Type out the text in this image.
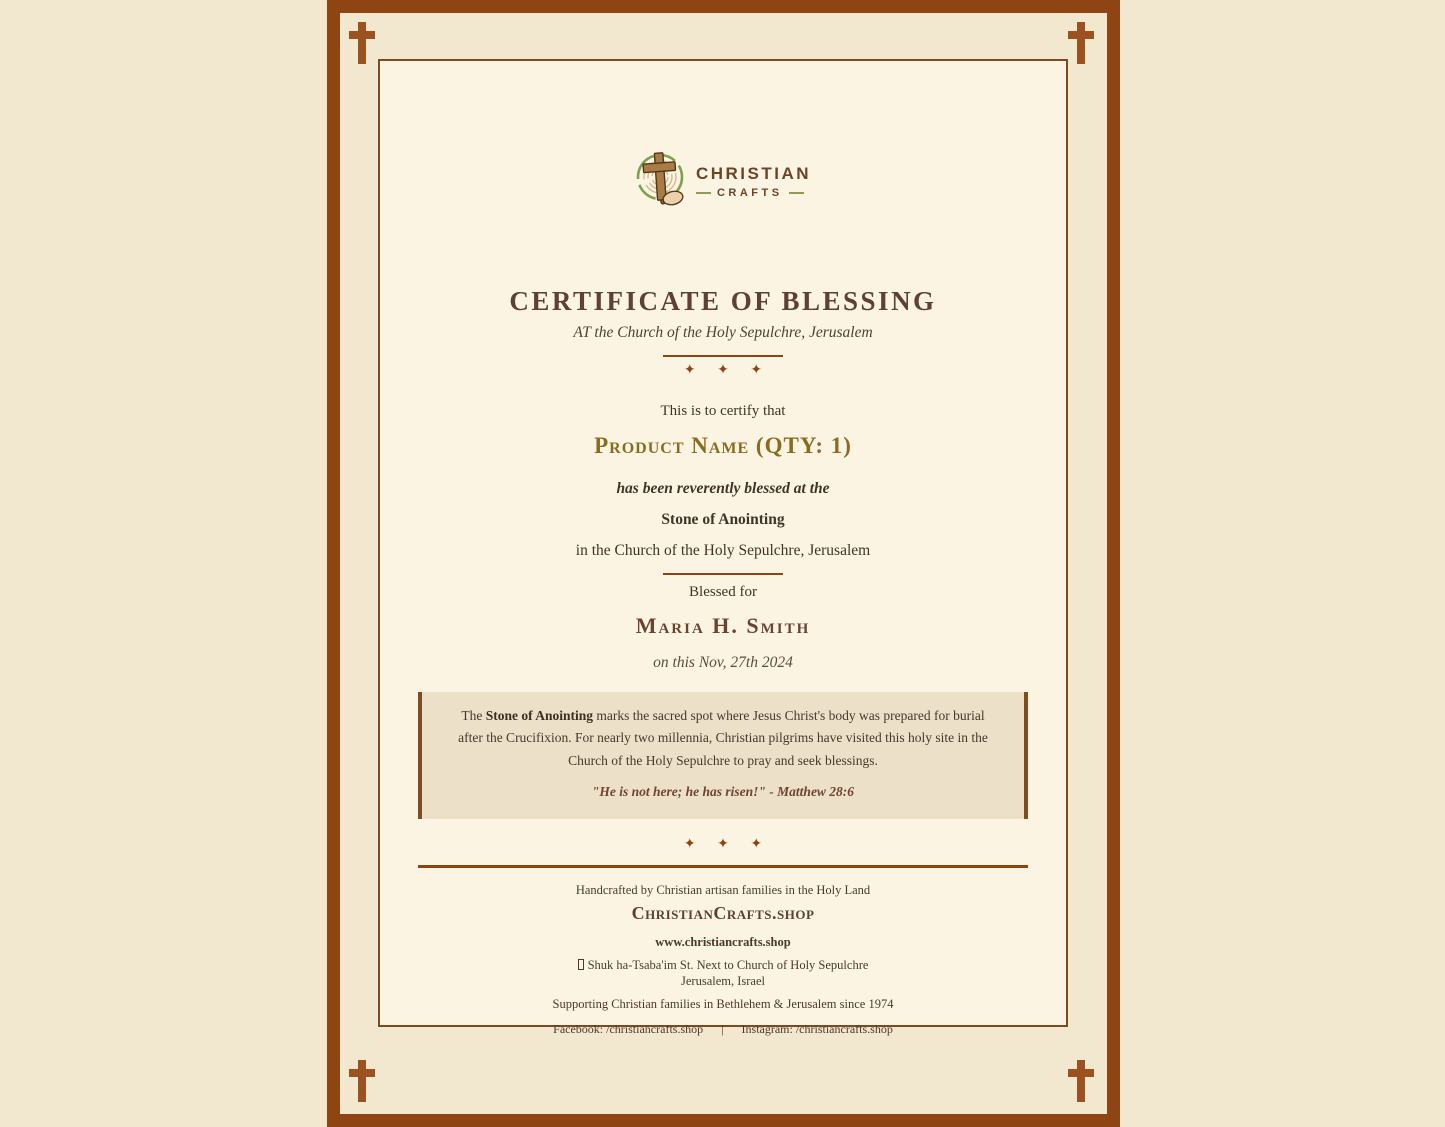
CHRISTIAN
CRAFTS
CERTIFICATE OF BLESSING
AT the Church of the Holy Sepulchre, Jerusalem
✦ ✦ ✦
This is to certify that
Product Name (QTY: 1)
has been reverently blessed at the
Stone of Anointing
in the Church of the Holy Sepulchre, Jerusalem
Blessed for
Maria H. Smith
on this Nov, 27th 2024
The Stone of Anointing marks the sacred spot where Jesus Christ's body was prepared for burial after the Crucifixion. For nearly two millennia, Christian pilgrims have visited this holy site in the Church of the Holy Sepulchre to pray and seek blessings.
"He is not here; he has risen!" - Matthew 28:6
✦ ✦ ✦
Handcrafted by Christian artisan families in the Holy Land
ChristianCrafts.shop
www.christiancrafts.shop
Shuk ha-Tsaba'im St. Next to Church of Holy Sepulchre
Jerusalem, Israel
Supporting Christian families in Bethlehem & Jerusalem since 1974
Facebook: /christiancrafts.shop | Instagram: /christiancrafts.shop
